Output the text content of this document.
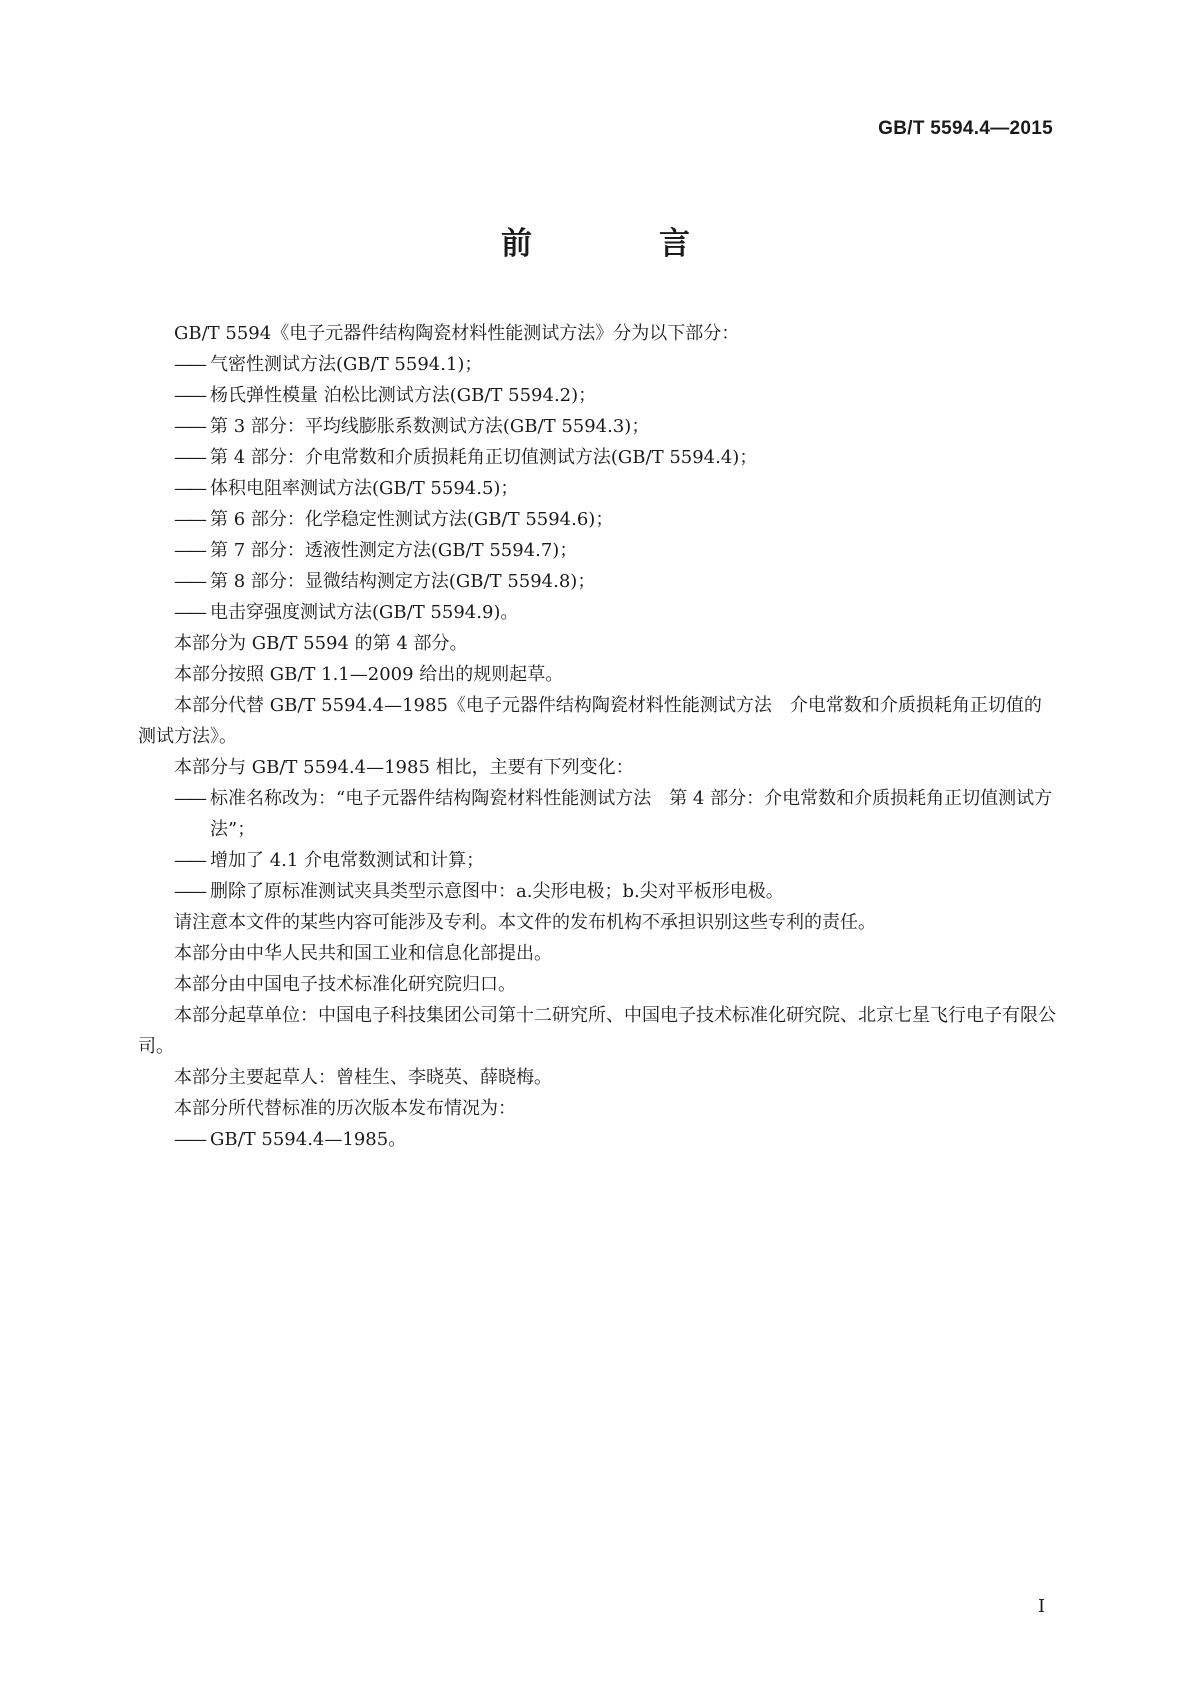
GB/T 5594.4—2015
前　言

GB/T 5594《电子元器件结构陶瓷材料性能测试方法》分为以下部分：

—— 气密性测试方法(GB/T 5594.1)；

—— 杨氏弹性模量 泊松比测试方法(GB/T 5594.2)；

—— 第 3 部分：平均线膨胀系数测试方法(GB/T 5594.3)；

—— 第 4 部分：介电常数和介质损耗角正切值测试方法(GB/T 5594.4)；

—— 体积电阻率测试方法(GB/T 5594.5)；

—— 第 6 部分：化学稳定性测试方法(GB/T 5594.6)；

—— 第 7 部分：透液性测定方法(GB/T 5594.7)；

—— 第 8 部分：显微结构测定方法(GB/T 5594.8)；

—— 电击穿强度测试方法(GB/T 5594.9)。

本部分为 GB/T 5594 的第 4 部分。

本部分按照 GB/T 1.1—2009 给出的规则起草。

本部分代替 GB/T 5594.4—1985《电子元器件结构陶瓷材料性能测试方法　介电常数和介质损耗角正切值的测试方法》。

本部分与 GB/T 5594.4—1985 相比，主要有下列变化：

—— 标准名称改为：“电子元器件结构陶瓷材料性能测试方法　第 4 部分：介电常数和介质损耗角正切值测试方法”；

—— 增加了 4.1 介电常数测试和计算；

—— 删除了原标准测试夹具类型示意图中：a.尖形电极；b.尖对平板形电极。

请注意本文件的某些内容可能涉及专利。本文件的发布机构不承担识别这些专利的责任。

本部分由中华人民共和国工业和信息化部提出。

本部分由中国电子技术标准化研究院归口。

本部分起草单位：中国电子科技集团公司第十二研究所、中国电子技术标准化研究院、北京七星飞行电子有限公司。

本部分主要起草人：曾桂生、李晓英、薛晓梅。

本部分所代替标准的历次版本发布情况为：

—— GB/T 5594.4—1985。

I
